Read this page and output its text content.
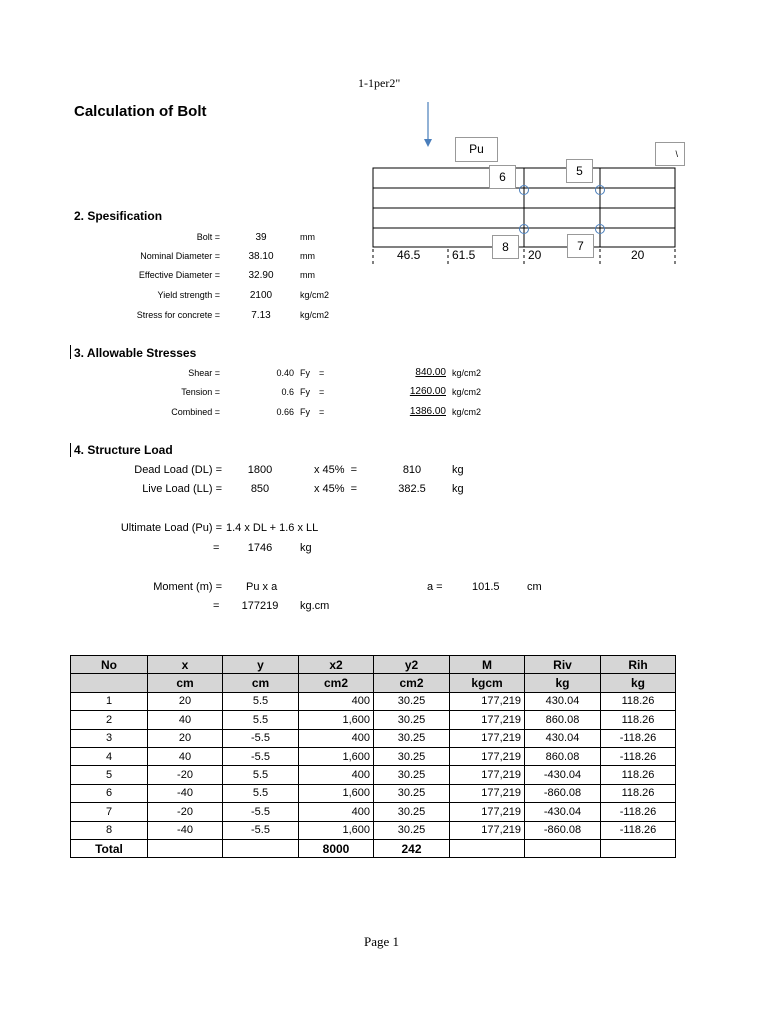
1-1per2"
Calculation of Bolt
Pu	\
6	5
8	7
46.5	61.5	20	20
2. Spesification
Bolt =	39	mm
Nominal Diameter =	38.10	mm
Effective Diameter =	32.90	mm
Yield strength =	2100	kg/cm2
Stress for concrete =	7.13	kg/cm2
3. Allowable Stresses
Shear =	0.40 Fy =	840.00 kg/cm2
Tension =	0.6 Fy =	1260.00 kg/cm2
Combined =	0.66 Fy =	1386.00 kg/cm2
4. Structure Load
Dead Load (DL) =	1800	x 45%  =	810	kg
Live Load (LL) =	850	x 45%  =	382.5	kg
Ultimate Load (Pu) = 1.4 x DL + 1.6 x LL
=	1746	kg
Moment (m) = Pu x a	a =	101.5 cm
=	177219	kg.cm
No	x	y	x2	y2	M	Riv	Rih
	cm	cm	cm2	cm2	kgcm	kg	kg
1	20	5.5	400	30.25	177,219	430.04	118.26
2	40	5.5	1,600	30.25	177,219	860.08	118.26
3	20	-5.5	400	30.25	177,219	430.04	-118.26
4	40	-5.5	1,600	30.25	177,219	860.08	-118.26
5	-20	5.5	400	30.25	177,219	-430.04	118.26
6	-40	5.5	1,600	30.25	177,219	-860.08	118.26
7	-20	-5.5	400	30.25	177,219	-430.04	-118.26
8	-40	-5.5	1,600	30.25	177,219	-860.08	-118.26
Total			8000	242			
Page 1
